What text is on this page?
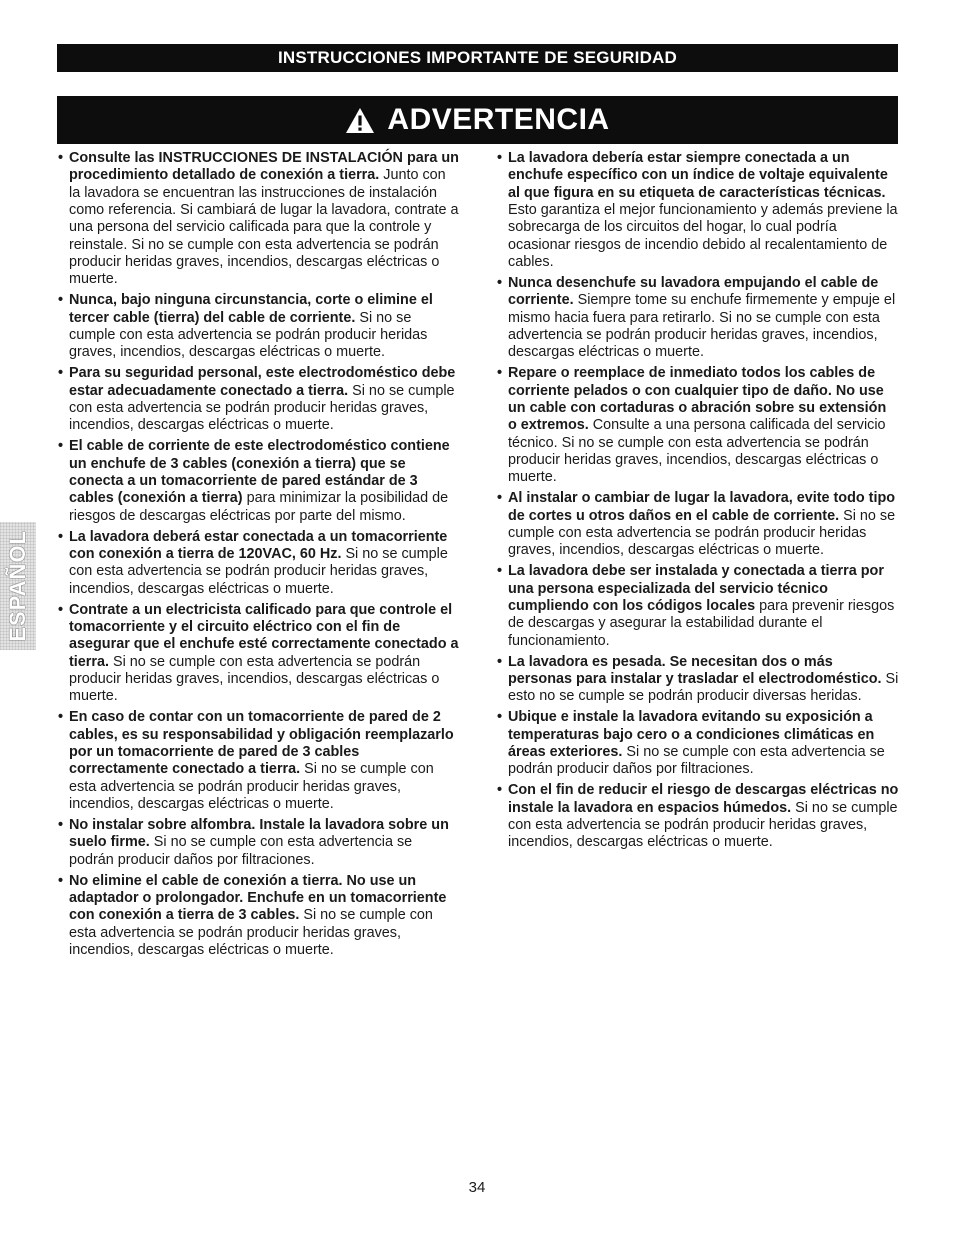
INSTRUCCIONES IMPORTANTE DE SEGURIDAD
ADVERTENCIA
ESPAÑOL
• Consulte las INSTRUCCIONES DE INSTALACIÓN para un procedimiento detallado de conexión a tierra. Junto con la lavadora se encuentran las instrucciones de instalación como referencia. Si cambiará de lugar la lavadora, contrate a una persona del servicio calificada para que la controle y reinstale. Si no se cumple con esta advertencia se podrán producir heridas graves, incendios, descargas eléctricas o muerte.
• Nunca, bajo ninguna circunstancia, corte o elimine el tercer cable (tierra) del cable de corriente. Si no se cumple con esta advertencia se podrán producir heridas graves, incendios, descargas eléctricas o muerte.
• Para su seguridad personal, este electrodoméstico debe estar adecuadamente conectado a tierra. Si no se cumple con esta advertencia se podrán producir heridas graves, incendios, descargas eléctricas o muerte.
• El cable de corriente de este electrodoméstico contiene un enchufe de 3 cables (conexión a tierra) que se conecta a un tomacorriente de pared estándar de 3 cables (conexión a tierra) para minimizar la posibilidad de riesgos de descargas eléctricas por parte del mismo.
• La lavadora deberá estar conectada a un tomacorriente con conexión a tierra de 120VAC, 60 Hz. Si no se cumple con esta advertencia se podrán producir heridas graves, incendios, descargas eléctricas o muerte.
• Contrate a un electricista calificado para que controle el tomacorriente y el circuito eléctrico con el fin de asegurar que el enchufe esté correctamente conectado a tierra. Si no se cumple con esta advertencia se podrán producir heridas graves, incendios, descargas eléctricas o muerte.
• En caso de contar con un tomacorriente de pared de 2 cables, es su responsabilidad y obligación reemplazarlo por un tomacorriente de pared de 3 cables correctamente conectado a tierra. Si no se cumple con esta advertencia se podrán producir heridas graves, incendios, descargas eléctricas o muerte.
• No instalar sobre alfombra. Instale la lavadora sobre un suelo firme. Si no se cumple con esta advertencia se podrán producir daños por filtraciones.
• No elimine el cable de conexión a tierra. No use un adaptador o prolongador. Enchufe en un tomacorriente con conexión a tierra de 3 cables. Si no se cumple con esta advertencia se podrán producir heridas graves, incendios, descargas eléctricas o muerte.
• La lavadora debería estar siempre conectada a un enchufe específico con un índice de voltaje equivalente al que figura en su etiqueta de características técnicas. Esto garantiza el mejor funcionamiento y además previene la sobrecarga de los circuitos del hogar, lo cual podría ocasionar riesgos de incendio debido al recalentamiento de cables.
• Nunca desenchufe su lavadora empujando el cable de corriente. Siempre tome su enchufe firmemente y empuje el mismo hacia fuera para retirarlo. Si no se cumple con esta advertencia se podrán producir heridas graves, incendios, descargas eléctricas o muerte.
• Repare o reemplace de inmediato todos los cables de corriente pelados o con cualquier tipo de daño. No use un cable con cortaduras o abración sobre su extensión o extremos. Consulte a una persona calificada del servicio técnico. Si no se cumple con esta advertencia se podrán producir heridas graves, incendios, descargas eléctricas o muerte.
• Al instalar o cambiar de lugar la lavadora, evite todo tipo de cortes u otros daños en el cable de corriente. Si no se cumple con esta advertencia se podrán producir heridas graves, incendios, descargas eléctricas o muerte.
• La lavadora debe ser instalada y conectada a tierra por una persona especializada del servicio técnico cumpliendo con los códigos locales para prevenir riesgos de descargas y asegurar la estabilidad durante el funcionamiento.
• La lavadora es pesada. Se necesitan dos o más personas para instalar y trasladar el electrodoméstico. Si esto no se cumple se podrán producir diversas heridas.
• Ubique e instale la lavadora evitando su exposición a temperaturas bajo cero o a condiciones climáticas en áreas exteriores. Si no se cumple con esta advertencia se podrán producir daños por filtraciones.
• Con el fin de reducir el riesgo de descargas eléctricas no instale la lavadora en espacios húmedos. Si no se cumple con esta advertencia se podrán producir heridas graves, incendios, descargas eléctricas o muerte.
34
